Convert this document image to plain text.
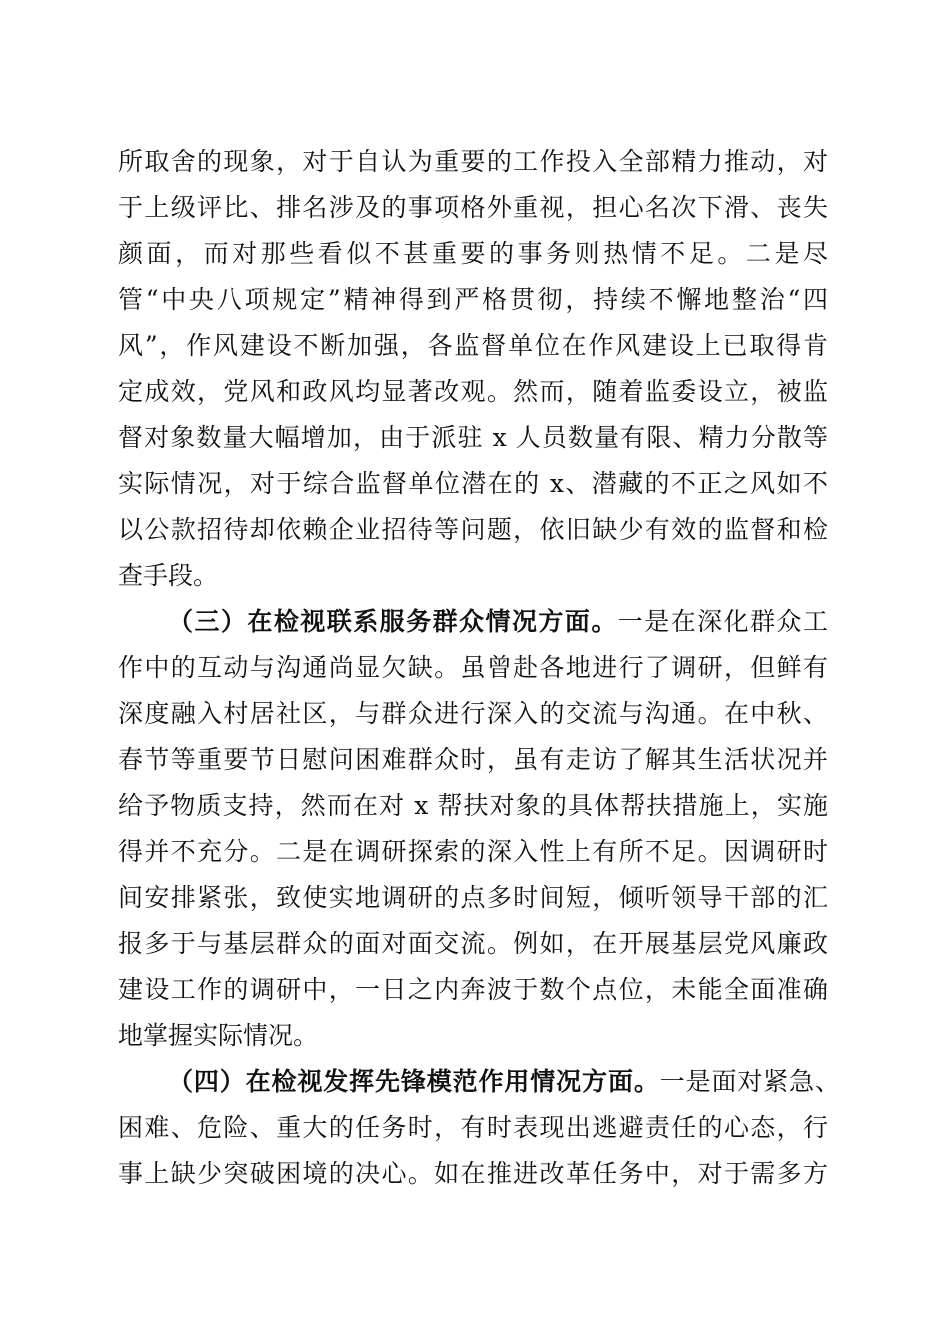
所取舍的现象，对于自认为重要的工作投入全部精力推动，对
于上级评比、排名涉及的事项格外重视，担心名次下滑、丧失
颜面，而对那些看似不甚重要的事务则热情不足。二是尽
管“中央八项规定”精神得到严格贯彻，持续不懈地整治“四
风”，作风建设不断加强，各监督单位在作风建设上已取得肯
定成效，党风和政风均显著改观。然而，随着监委设立，被监
督对象数量大幅增加，由于派驻 x 人员数量有限、精力分散等
实际情况，对于综合监督单位潜在的 x、潜藏的不正之风如不
以公款招待却依赖企业招待等问题，依旧缺少有效的监督和检
查手段。
（三）在检视联系服务群众情况方面。一是在深化群众工
作中的互动与沟通尚显欠缺。虽曾赴各地进行了调研，但鲜有
深度融入村居社区，与群众进行深入的交流与沟通。在中秋、
春节等重要节日慰问困难群众时，虽有走访了解其生活状况并
给予物质支持，然而在对 x 帮扶对象的具体帮扶措施上，实施
得并不充分。二是在调研探索的深入性上有所不足。因调研时
间安排紧张，致使实地调研的点多时间短，倾听领导干部的汇
报多于与基层群众的面对面交流。例如，在开展基层党风廉政
建设工作的调研中，一日之内奔波于数个点位，未能全面准确
地掌握实际情况。
（四）在检视发挥先锋模范作用情况方面。一是面对紧急、
困难、危险、重大的任务时，有时表现出逃避责任的心态，行
事上缺少突破困境的决心。如在推进改革任务中，对于需多方
